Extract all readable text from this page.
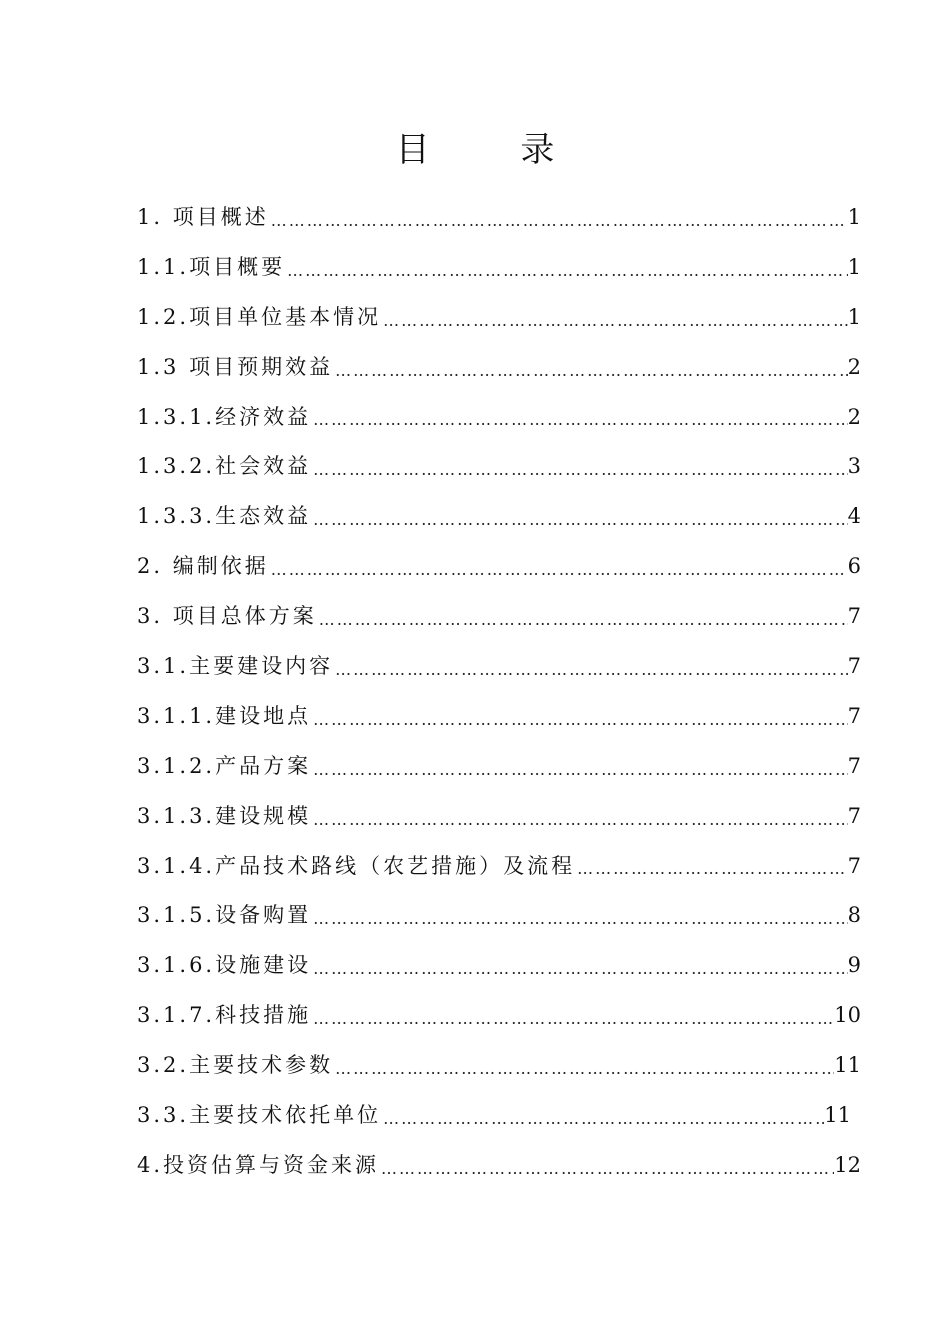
目 录
1. 项目概述 ………………………………………………………………………………………………………………………………………………	1
1.1.项目概要 ………………………………………………………………………………………………………………………………………………	1
1.2.项目单位基本情况 ………………………………………………………………………………………………………………………………………………	1
1.3 项目预期效益 ………………………………………………………………………………………………………………………………………………	2
1.3.1.经济效益 ………………………………………………………………………………………………………………………………………………	2
1.3.2.社会效益 ………………………………………………………………………………………………………………………………………………	3
1.3.3.生态效益 ………………………………………………………………………………………………………………………………………………	4
2. 编制依据 ………………………………………………………………………………………………………………………………………………	6
3. 项目总体方案 ………………………………………………………………………………………………………………………………………………	7
3.1.主要建设内容 ………………………………………………………………………………………………………………………………………………	7
3.1.1.建设地点 ………………………………………………………………………………………………………………………………………………	7
3.1.2.产品方案 ………………………………………………………………………………………………………………………………………………	7
3.1.3.建设规模 ………………………………………………………………………………………………………………………………………………	7
3.1.4.产品技术路线（农艺措施）及流程 ………………………………………………………………………………………………………………………………………………	7
3.1.5.设备购置 ………………………………………………………………………………………………………………………………………………	8
3.1.6.设施建设 ………………………………………………………………………………………………………………………………………………	9
3.1.7.科技措施 ………………………………………………………………………………………………………………………………………………	10
3.2.主要技术参数 ………………………………………………………………………………………………………………………………………………	11
3.3.主要技术依托单位 ………………………………………………………………………………………………………………………………………………	11
4.投资估算与资金来源 ………………………………………………………………………………………………………………………………………………	12
